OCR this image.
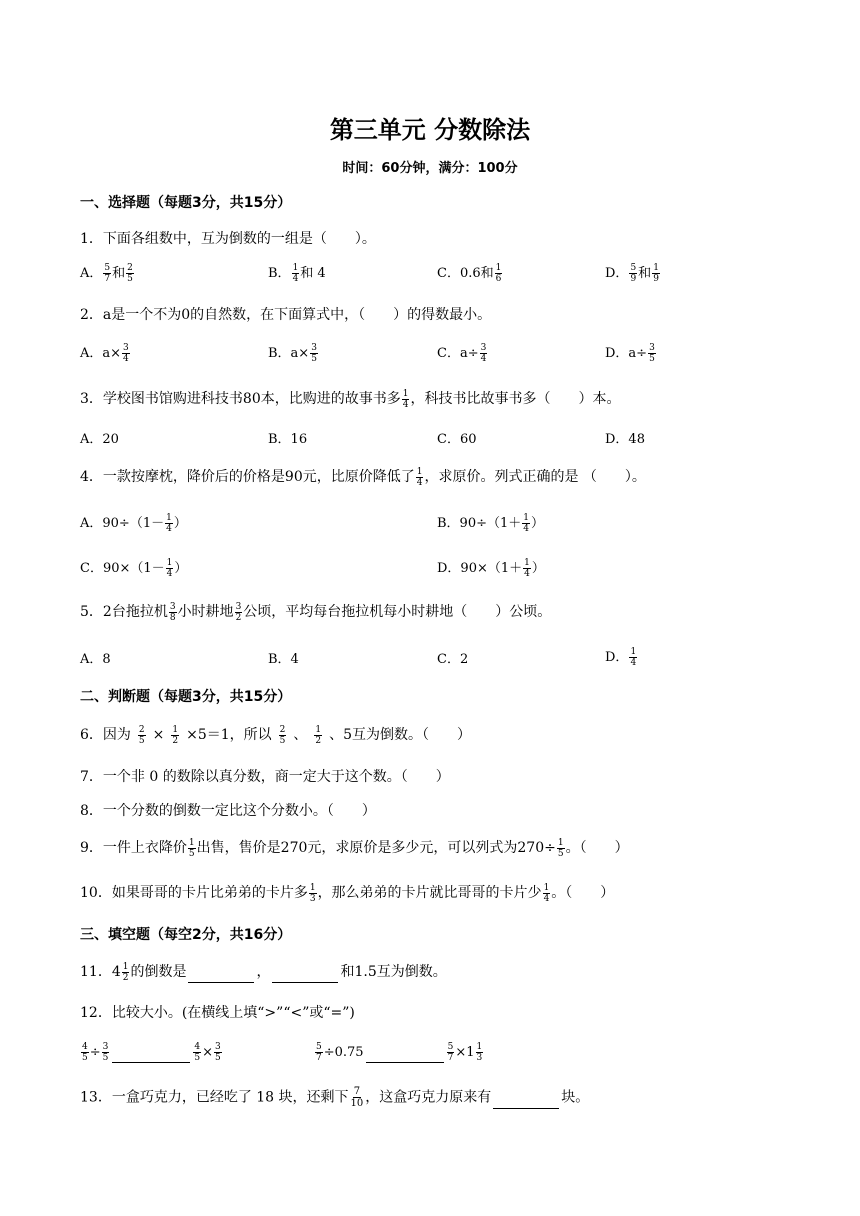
第三单元 分数除法
时间：60分钟，满分：100分
一、选择题（每题3分，共15分）
1．下面各组数中，互为倒数的一组是（　　）。
A． $\frac{5}{7}$ 和 $\frac{2}{5}$	B． $\frac{1}{4}$ 和 4	C．0.6和 $\frac{1}{6}$	D． $\frac{5}{9}$ 和 $\frac{1}{9}$
2．a是一个不为0的自然数，在下面算式中，（　　）的得数最小。
A．$a\times \frac{3}{4}$	B．$a\times \frac{3}{5}$	C．$a\div \frac{3}{4}$	D．$a\div \frac{3}{5}$
3．学校图书馆购进科技书80本，比购进的故事书多 $\frac{1}{4}$ ，科技书比故事书多（　　）本。
A．20	B．16	C．60	D．48
4．一款按摩枕，降价后的价格是90元，比原价降低了 $\frac{1}{4}$ ，求原价。列式正确的是 （　　）。
A．$90\div(1- \frac{1}{4}$ ）	B．$90\div(1+ \frac{1}{4}$ ）
C．$90\times(1- \frac{1}{4}$ ）	D．$90\times(1+ \frac{1}{4}$ ）
5．2台拖拉机 $\frac{3}{8}$ 小时耕地 $\frac{3}{2}$ 公顷，平均每台拖拉机每小时耕地（　　）公顷。
A．8	B．4	C．2	D． $\frac{1}{4}$
二、判断题（每题3分，共15分）
6．因为 $\frac{2}{5} \times \frac{1}{2} \times 5=1$，所以 $\frac{2}{5}$ 、 $\frac{1}{2}$ 、5互为倒数。（　　）
7．一个非 0 的数除以真分数，商一定大于这个数。（　　）
8．一个分数的倒数一定比这个分数小。（　　）
9．一件上衣降价 $\frac{1}{5}$ 出售，售价是270元，求原价是多少元，可以列式为$270\div \frac{1}{5}$ 。（　　）
10．如果哥哥的卡片比弟弟的卡片多 $\frac{1}{3}$ ，那么弟弟的卡片就比哥哥的卡片少 $\frac{1}{4}$ 。（　　）
三、填空题（每空2分，共16分）
11．$4 \frac{1}{2}$ 的倒数是	，	和1.5互为倒数。
12．比较大小。(在横线上填“>”“<”或“=”)
$\frac{4}{5} \div \frac{3}{5}$	$\frac{4}{5} \times \frac{3}{5}$	$\frac{5}{7} \div 0.75$	$\frac{5}{7} \times 1 \frac{1}{3}$
13．一盒巧克力，已经吃了 18 块，还剩下 $\frac{7}{10}$ ，这盒巧克力原来有	块。
